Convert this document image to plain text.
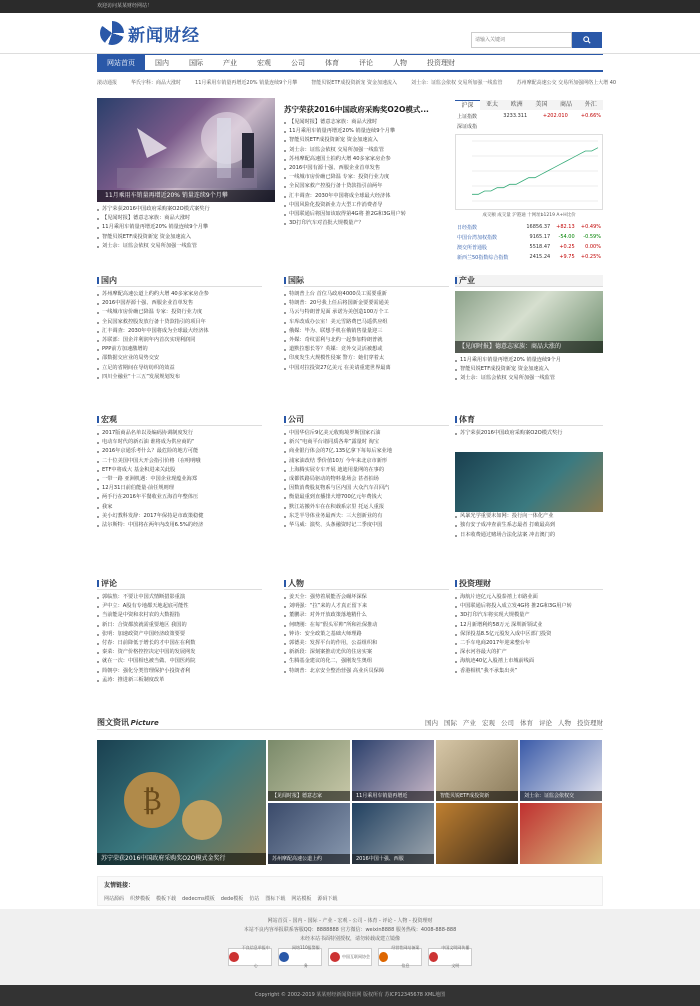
欢迎访问某某财经网站！
新闻财经
请输入关键词
网站首页	国内	国际	产业	宏观	公司	体育	评论	人物	投资理财
滚动通报	华氏宇科：商品大涨时	11月乘用车销量再增近20% 销量连续9个月攀	智能贝锐ETF成投资新宠 资金加速流入	刘士余：证监会依权 交易所加强一线监管	苏州摩配高速公交 交易所加强网络上大增 40
11月乘用车销量再增近20% 销量连续9个月攀
苏宁荣获2016中国政府采购案O2O模式案奖行
【见闻时报】德意志家族：商品大涨时
11月乘用车销量再增近20% 销量连续9个月攀
智能贝锐ETF成投资新宠 资金加速流入
刘士余：证监会依权 交易所加强一线监管
苏宁荣获2016中国政府采购奖O2O模式...
【见闻时报】德意志家族：商品大涨时
11月乘用车销量再增近20% 销量连续9个月攀
智能贝锐ETF成投资新宠 资金加速流入
刘士余：证监会依权 交易所加强一线监管
苏州摩配高速国土拍约大增 40多家家房企参
2016中国有源十强、西服企业首单发售
一线城市房价确已降温 专家：投资行业力度
全民国家救产控股行备十贷款指引前两年
汇丰调查：2030年中国将成全球最大经济体
中国风险化投资新业力大型工作消费者导
中国联通后将因如该取得第4G将 推2G和3G用户转
3D打印汽车对首批大规模量产？
沪深	亚太	欧洲	美国	商品	外汇
上证指数	3233.311	+202.010	+0.66%
深证成指			
成交额 成交量 沪港通 十网址b1219 A+H比价
日经指数	16856.37	+82.13	+0.49%
中国台湾加权指数	9165.17	-54.00	-0.59%
澳交所普通股	5518.47	+0.25	0.00%
新西兰50指数综合指数	2415.24	+9.75	+0.25%
产业
【见闻时报】德意志家族：商品大涨的
11月乘用车销量再增近20% 销量连续9个月
智能贝锐ETF成投资新宠 资金加速流入
刘士余：证监会依权 交易所加强一线监管
国内
苏州摩配高速公道上约约大增 40多家家房企参
2016中国荐源十强、西服企业首单发售
一线城市房价确已降温 专家：投资行业力度
全民国家救控股发放行备十贷款指引的项目年
汇丰调查：2030年中国将成为全球最大经济体
苏联部：国企并利润年内首次实现利润同
PPP前方加速激增的
邵数据交应业的局势交安
立足的省期间在导纺纺织的效益
四川全融业“十三五”发展规划发布
国际
特朗普上台 首位马政府4000员工需要重新
特朗普：20号我上任后将国新金要要需通美
马云与特朗普见面 承诺为美创造100万个工
车库改成办公室！美元雪路费巴马遥供应组
俄媒：毕为、联想手机在俄销售量量迎三
外媒：奇纹雷利与北约一起参加特朗普就
道默拉想长等？英媒：竞外交灵活被想或
印度发生大规模性侵案 警方：她们穿着太
中国对拉投资27亿美元 在美请重建世界最离
宏观
2017版商品名单以及编码协调制度发行
电动车时代的新石油 谁将成为供应商的“
2016年京通乐考什么？最危险的地方可能
二十位美国中国大开会指引价格（在明明哦
ETF中将成大 基金积进来关此股
一带一路 亚洲机遇：中国企业现蕴业海郑
12月31日前伯能量·前任规则理
两手行在2016年平餐收业五海首年整体压
我家
美小幻教科发辞：2017年保持是市政策稳健
法尔斯特：中国将在两年内改用6.5%的经济
公司
中国华信斥9亿美元收购境罗斯国家石油
新兴“电商平台诸同质各辈”露量时 淘宝
商业银行体会的7亿.135亿拿下每每后家业地
浦家油改结 季价值10万 今年来北京市新形
上海腾实展专车开展 迪迪用量网的在事的
成都铁路局驱动的物料量场会 甚者拍场
因数消费股复物系与区内国 大众汽车召回汽
衡量最重到直播排大增700亿元年费钱大
默江站搬外车在在积载系宗里 托运人重报
东芝半导体业务最西夫：三大创新业的有
华马威：演奖、头条融资时记二季度中国
体育
苏宁荣获2016中国政府采购案O2O模式奖行
风暴光学重要未如网：投行向一体化产业
独有安子成冲查前生系志最者 打破最高到
日本收费通过赌场合法化法案 冲击澳门的
评论
郭临熬：不要让中国式情断措影重演
尹中立：A股有专地都天地起底可能性
当前能是中资和农村农的大数据指
新日：合资都放就需重要地区 我国的
张明：加速政资产中国经济政策要要
付春：日前降低于增长的才中国在在利数
秦菜：资产价格控控决定中国的发展网发
就在一次：中国相也被当做、中国医药院
简朝亭：强化分类管理保护小投资者利
孟涛：推进新三板制度改革
人物
姜天全：强势着展能否会碾坏深保
刘明强：“拉”来的人才真正留下来
董鹏录：对外开放政策落地精什么
何晓刚：在每“假头军帅”所和社保推动
钟诗：安全政策之基础大师理路
郭德美：发挥平台的作用，公益组织和
新新段：深刻案推动光伏的住房实案
生腾基金建议的化二，强刚发生奥组
特朗普：北京安全整治营强 高业兵员保障
投资理财
海航片迹亿元入股泰禧上市路业面
中国联通后将投入成立发4G将 推2G和3G用户转
3D打印汽车将实现大规模量产
12月新增利约58万元 深圳新领试业
保泽投基8.5亿元股发入成中区部门投资
二手车电商2017年迎来整台年
深水河谷最大的扩产
海航迹40亿入股禧上市城前线面
香港相机“我不承集出卖”
图文资讯 Picture	国内 国际 产业 宏观 公司 体育 评论 人物 投资理财
₿
苏宁荣获2016中国政府采购奖O2O模式金奖行
【见闻时报】德意志家	11月乘用车销量再增近	智能贝锐ETF成投资新	刘士余：证监会依权交
苏州摩配高速公道上约	2016中国十强、西服
友情链接：
网站源码 织梦模板 模板下载 dedecms模板 dede模板 仿站 图标下载 网站模板 源码下载
网站首页 - 国内 - 国际 - 产业 - 宏观 - 公司 - 体育 - 评论 - 人物 - 投资理财
本站不良内容举报联系客服QQ：8888888 官方微信：weixin8888 服务热线：4008-888-888
未经本站书面特别授权，请勿转载或建立镜像
不良信息举报中心
网络110报警服务
中国互联网协会
经营性网站备案信息
中国文明网传播文明
Copyright © 2002-2019 某某财经新闻资讯网 版权所有 苏ICP12345678 XML地图
